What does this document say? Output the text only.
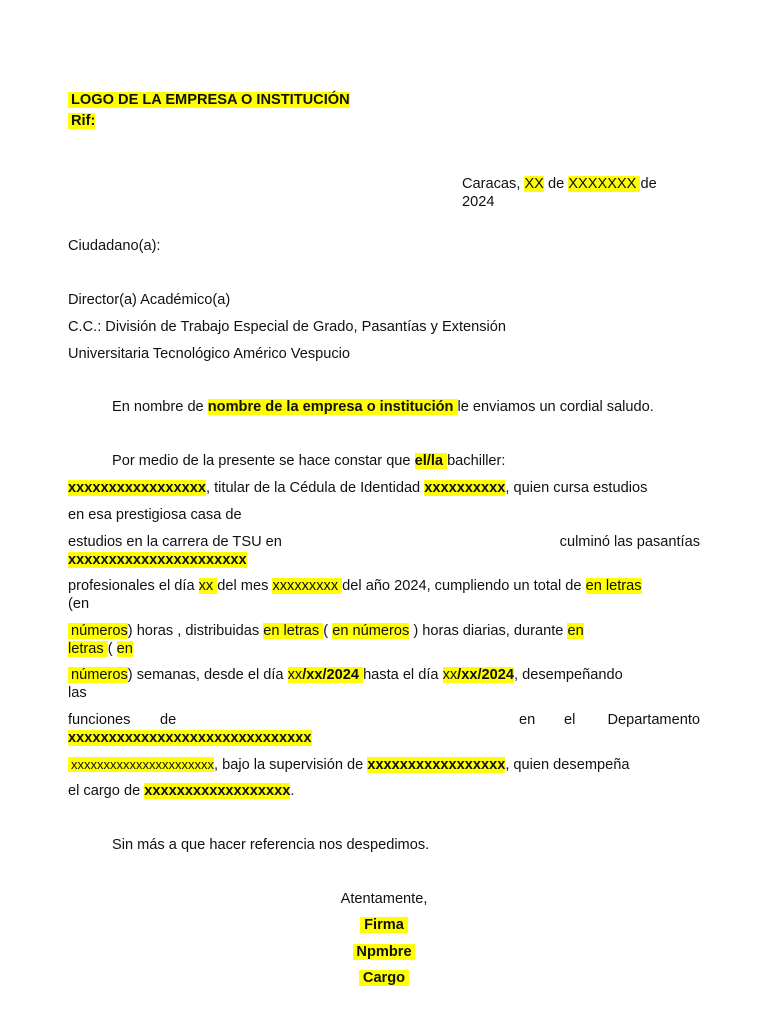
LOGO DE LA EMPRESA O INSTITUCIÓN
Rif:
Caracas, XX de XXXXXXX de
2024
Ciudadano(a):
Director(a) Académico(a)
C.C.: División de Trabajo Especial de Grado, Pasantías y Extensión
Universitaria Tecnológico Américo Vespucio
En nombre de nombre de la empresa o institución le enviamos un cordial saludo.
Por medio de la presente se hace constar que el/la bachiller:
xxxxxxxxxxxxxxxxx, titular de la Cédula de Identidad xxxxxxxxxx, quien cursa estudios
en esa prestigiosa casa de
estudios en la carrera de TSU en	culminó las pasantías
xxxxxxxxxxxxxxxxxxxxxx
profesionales el día xx del mes xxxxxxxxx del año 2024, cumpliendo un total de en letras
(en
números) horas , distribuidas en letras ( en números ) horas diarias, durante en
letras ( en
números) semanas, desde el día xx/xx/2024 hasta el día xx/xx/2024, desempeñando
las
funciones de	en el Departamento
xxxxxxxxxxxxxxxxxxxxxxxxxxxxxx
xxxxxxxxxxxxxxxxxxxxxx, bajo la supervisión de xxxxxxxxxxxxxxxxx, quien desempeña
el cargo de xxxxxxxxxxxxxxxxxx.
Sin más a que hacer referencia nos despedimos.
Atentamente,
Firma
Npmbre
Cargo
